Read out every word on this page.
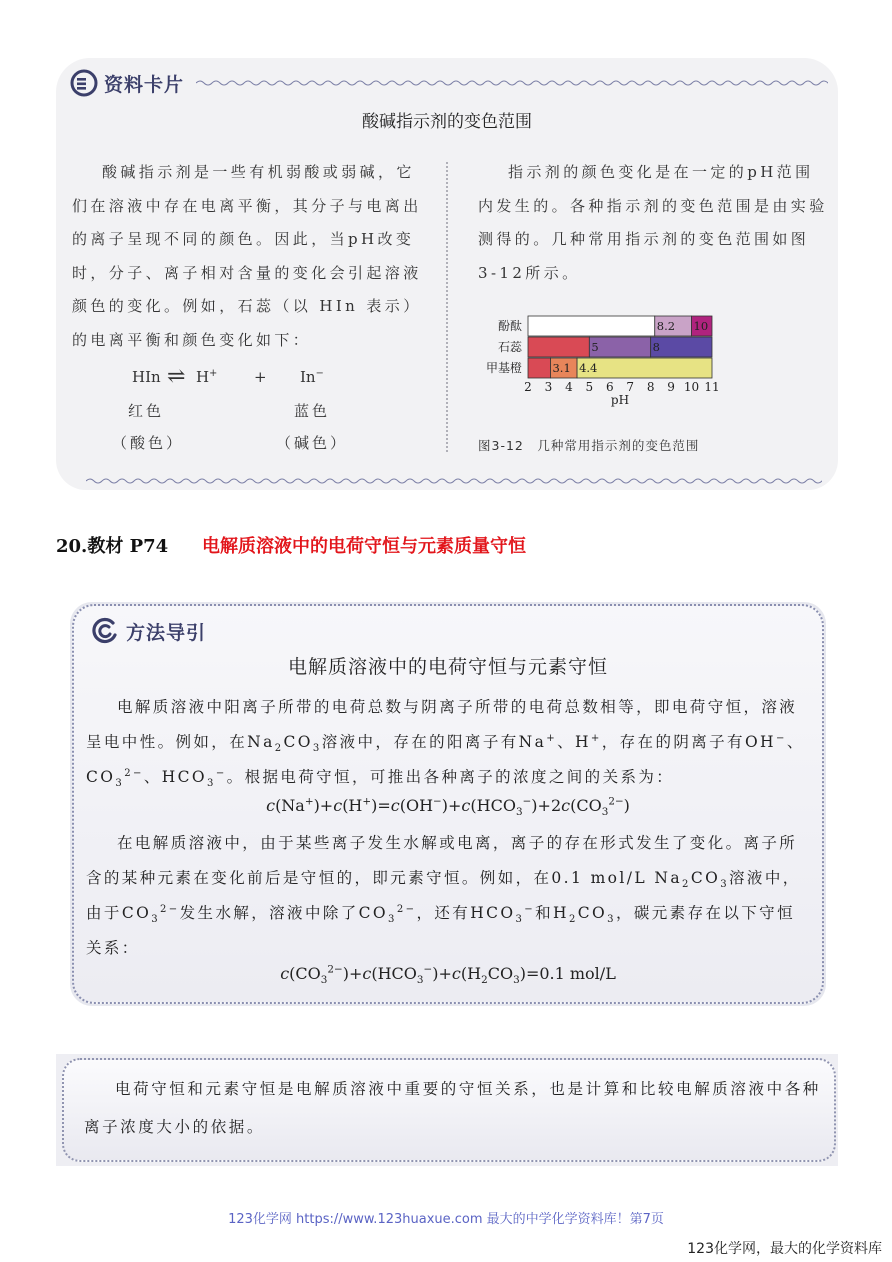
资料卡片
酸碱指示剂的变色范围
酸碱指示剂是一些有机弱酸或弱碱，它们在溶液中存在电离平衡，其分子与电离出的离子呈现不同的颜色。因此，当pH改变时，分子、离子相对含量的变化会引起溶液颜色的变化。例如，石蕊（以 HIn 表示）的电离平衡和颜色变化如下：
指示剂的颜色变化是在一定的pH范围内发生的。各种指示剂的变色范围是由实验测得的。几种常用指示剂的变色范围如图3-12所示。
HIn ⇌ H+ + In−
红色	蓝色
（酸色）	（碱色）
酚酞	8.2 10
石蕊	5	8
甲基橙	3.1 4.4
2 3 4 5 6 7 8 9 10 11
pH
图3-12　几种常用指示剂的变色范围
20.教材 P74 电解质溶液中的电荷守恒与元素质量守恒
方法导引
电解质溶液中的电荷守恒与元素守恒
电解质溶液中阳离子所带的电荷总数与阴离子所带的电荷总数相等，即电荷守恒，溶液呈电中性。例如，在$Na_2CO_3$溶液中，存在的阳离子有Na+、H+，存在的阴离子有OH−、$CO_3^{2-}$、$HCO_3^-$。根据电荷守恒，可推出各种离子的浓度之间的关系为：
$c(Na^+)+c(H^+)=c(OH^-)+c(HCO_3^-)+2c(CO_3^{2-})$
在电解质溶液中，由于某些离子发生水解或电离，离子的存在形式发生了变化。离子所含的某种元素在变化前后是守恒的，即元素守恒。例如，在0.1 mol/L $Na_2CO_3$溶液中，由于$CO_3^{2-}$发生水解，溶液中除了$CO_3^{2-}$，还有$HCO_3^-$和$H_2CO_3$，碳元素存在以下守恒关系：
$c(CO_3^{2-})+c(HCO_3^-)+c(H_2CO_3)=0.1$ mol/L
电荷守恒和元素守恒是电解质溶液中重要的守恒关系，也是计算和比较电解质溶液中各种离子浓度大小的依据。
123化学网 https://www.123huaxue.com 最大的中学化学资料库！第7页
123化学网，最大的化学资料库
